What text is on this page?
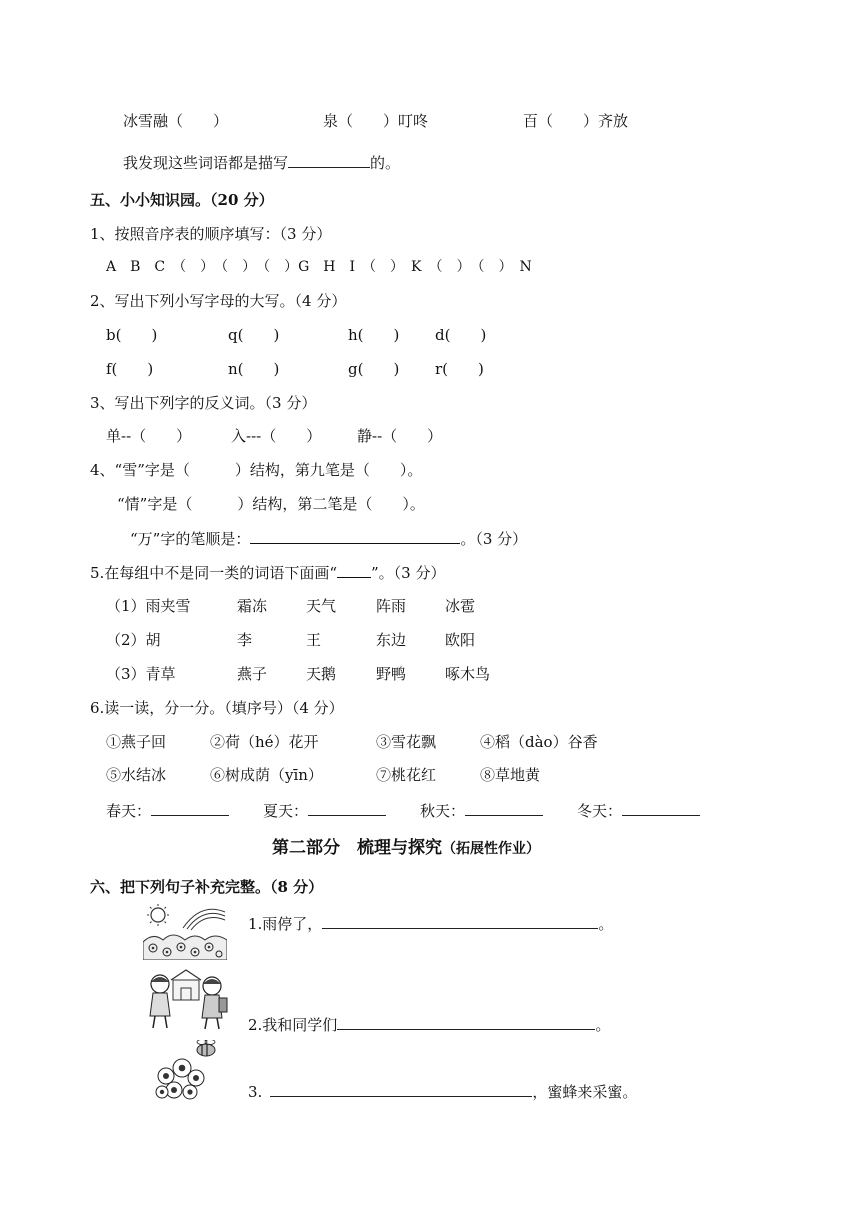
冰雪融（　　）	泉（　　）叮咚	百（　　）齐放
我发现这些词语都是描写	的。
五、小小知识园。（20 分）
1、按照音序表的顺序填写：（3 分）
A　B　C　（　）　（　）　（　）G　H　I　（　）　K　（　）　（　）　N
2、写出下列小写字母的大写。（4 分）
b(　　)	q(　　)	h(　　) d(　　)
f(　　)	n(　　)	g(　　) r(　　)
3、写出下列字的反义词。（3 分）
单--（　　）	入---（　　） 静--（　　）
4、“雪”字是（　　　）结构，第九笔是（　　）。
“情”字是（　　　）结构，第二笔是（　　）。
“万”字的笔顺是：	。（3 分）
5.在每组中不是同一类的词语下面画“ ”。（3 分）
（1）雨夹雪	霜冻	天气	阵雨	冰雹
（2）胡	李	王	东边	欧阳
（3）青草	燕子	天鹅	野鸭	啄木鸟
6.读一读，分一分。（填序号）（4 分）
①燕子回	②荷（hé）花开	③雪花飘	④稻（dào）谷香
⑤水结冰	⑥树成荫（yīn）	⑦桃花红	⑧草地黄
春天：	夏天：	秋天：	冬天：
第二部分　梳理与探究（拓展性作业）
六、把下列句子补充完整。（8 分）
1.雨停了，	。
2.我和同学们	。
3.	，蜜蜂来采蜜。
